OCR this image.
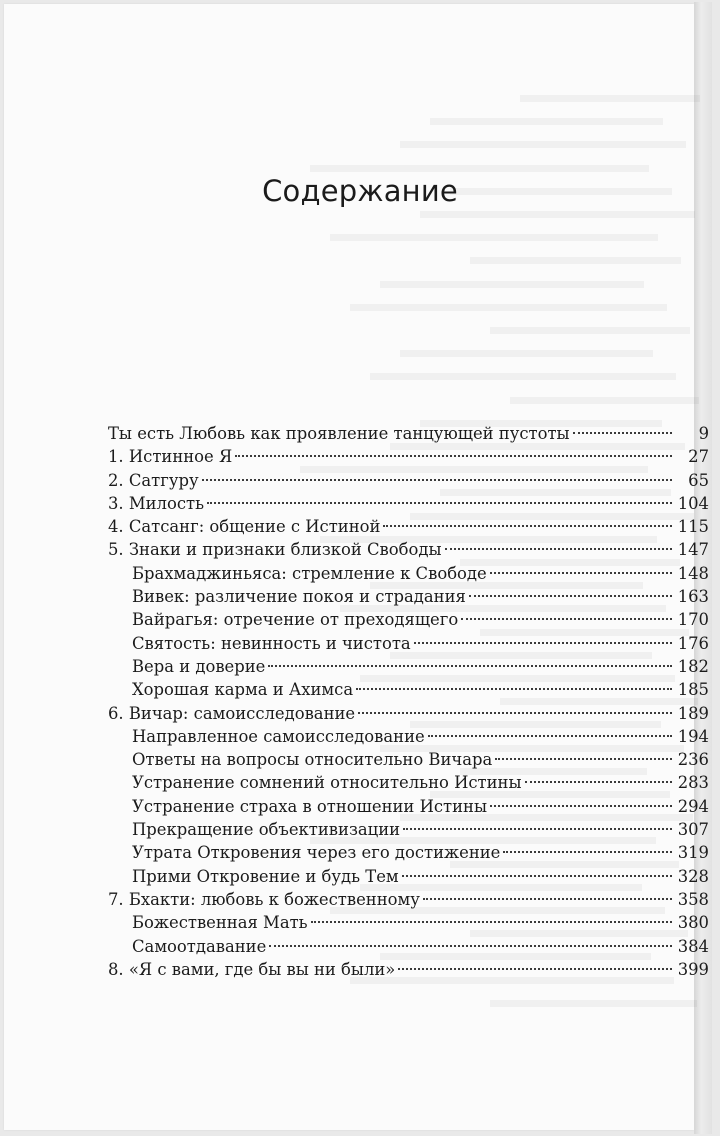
Содержание
Ты есть Любовь как проявление танцующей пустоты	9
1. Истинное Я	27
2. Сатгуру	65
3. Милость	104
4. Сатсанг: общение с Истиной	115
5. Знаки и признаки близкой Свободы	147
Брахмаджиньяса: стремление к Свободе	148
Вивек: различение покоя и страдания	163
Вайрагья: отречение от преходящего	170
Святость: невинность и чистота	176
Вера и доверие	182
Хорошая карма и Ахимса	185
6. Вичар: самоисследование	189
Направленное самоисследование	194
Ответы на вопросы относительно Вичара	236
Устранение сомнений относительно Истины	283
Устранение страха в отношении Истины	294
Прекращение объективизации	307
Утрата Откровения через его достижение	319
Прими Откровение и будь Тем	328
7. Бхакти: любовь к божественному	358
Божественная Мать	380
Самоотдавание	384
8. «Я с вами, где бы вы ни были»	399
